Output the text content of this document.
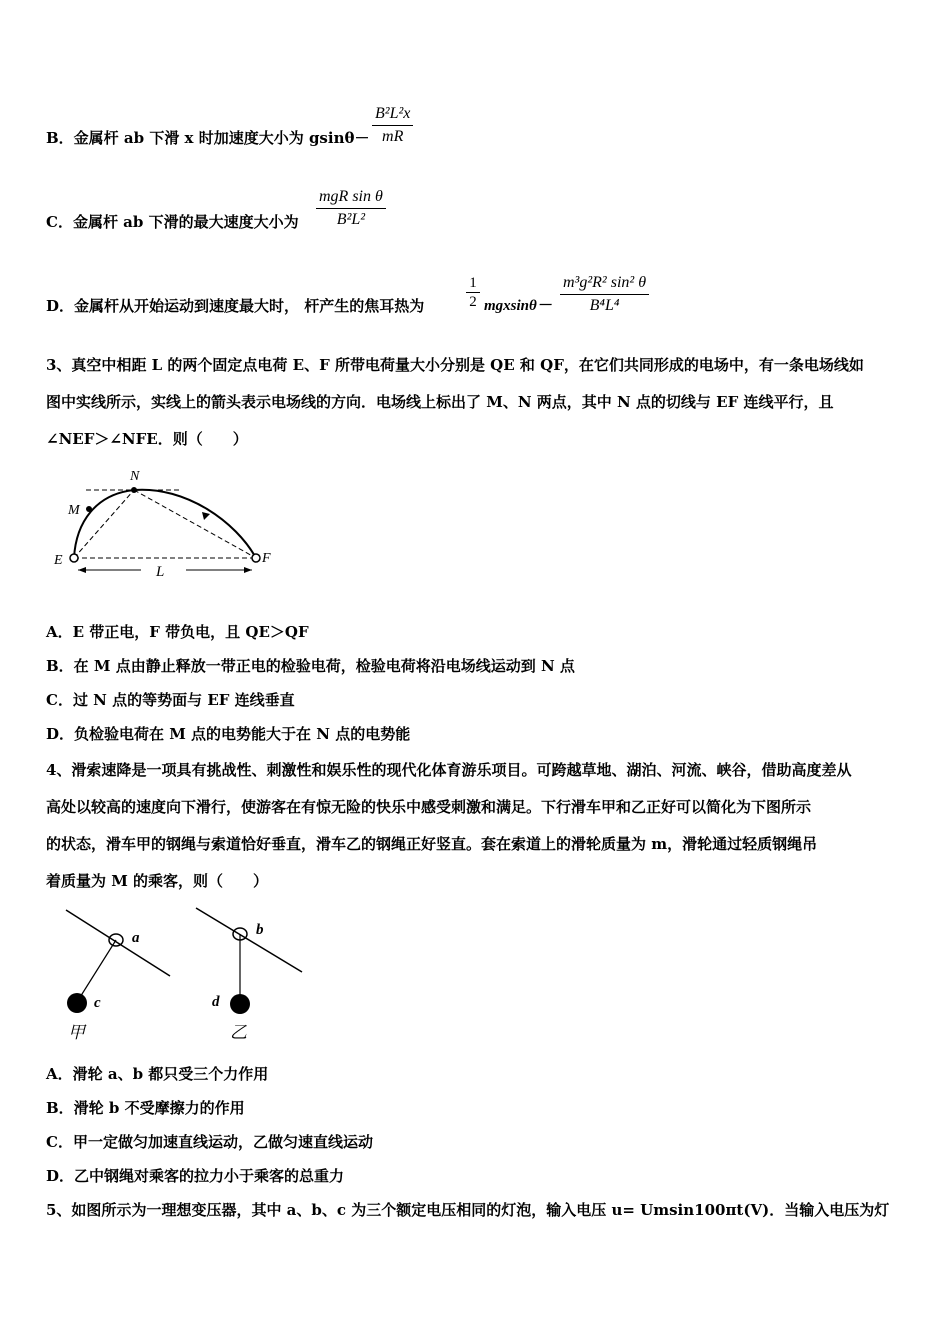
B．金属杆 ab 下滑 x 时加速度大小为 $gsin\theta- \frac{\text{B²L²x}}{mR}$
C．金属杆 ab 下滑的最大速度大小为
mgR sin θ
B²L²
D．金属杆从开始运动到速度最大时， 杆产生的焦耳热为	$\frac{1}{2} mgxsin\theta- \frac{\text{m³g²R² sin² θ}}{\text{B⁴L⁴}}$
3、真空中相距 L 的两个固定点电荷 E、F 所带电荷量大小分别是 QE 和 QF，在它们共同形成的电场中，有一条电场线如
图中实线所示，实线上的箭头表示电场线的方向．电场线上标出了 M、N 两点，其中 N 点的切线与 EF 连线平行，且
∠NEF＞∠NFE．则（　　）
N
M
E	F
L
A．E 带正电，F 带负电，且 QE＞QF
B．在 M 点由静止释放一带正电的检验电荷，检验电荷将沿电场线运动到 N 点
C．过 N 点的等势面与 EF 连线垂直
D．负检验电荷在 M 点的电势能大于在 N 点的电势能
4、滑索速降是一项具有挑战性、刺激性和娱乐性的现代化体育游乐项目。可跨越草地、湖泊、河流、峡谷，借助高度差从
高处以较高的速度向下滑行，使游客在有惊无险的快乐中感受刺激和满足。下行滑车甲和乙正好可以简化为下图所示
的状态，滑车甲的钢绳与索道恰好垂直，滑车乙的钢绳正好竖直。套在索道上的滑轮质量为 m，滑轮通过轻质钢绳吊
着质量为 M 的乘客，则（　　）
a
c
甲
b
d
乙
A．滑轮 a、b 都只受三个力作用
B．滑轮 b 不受摩擦力的作用
C．甲一定做匀加速直线运动，乙做匀速直线运动
D．乙中钢绳对乘客的拉力小于乘客的总重力
5、如图所示为一理想变压器，其中 a、b、c 为三个额定电压相同的灯泡，输入电压 u= Umsin100πt(V)．当输入电压为灯
